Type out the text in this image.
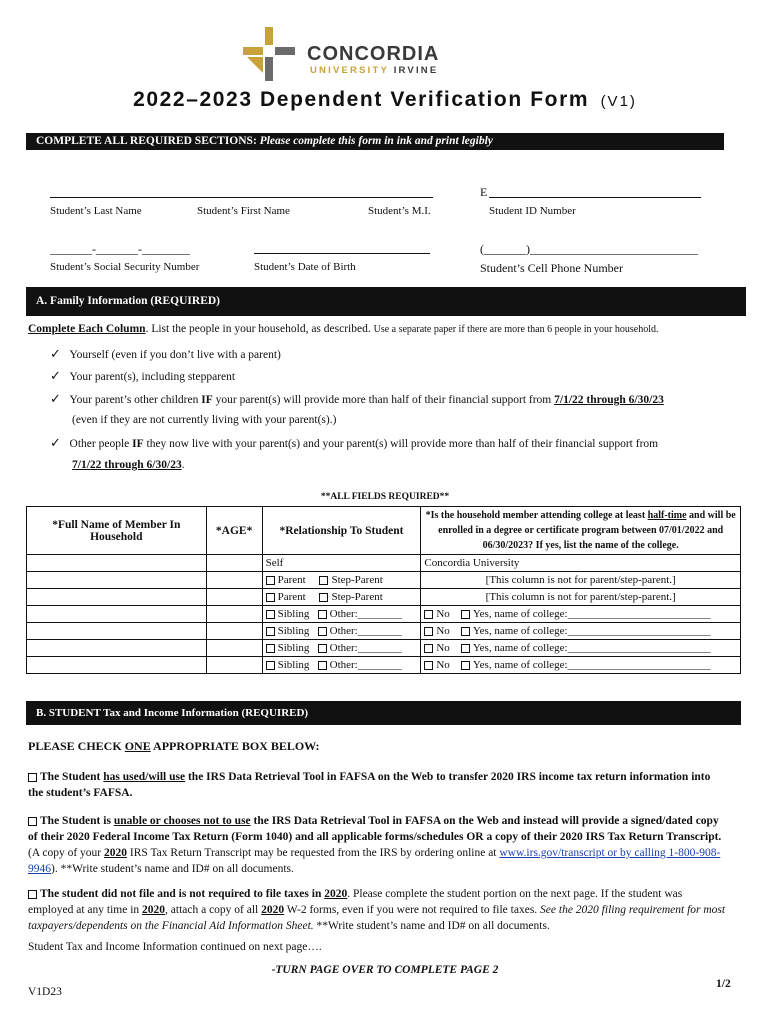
CONCORDIA
UNIVERSITY IRVINE
2022–2023 Dependent Verification Form (V1)
COMPLETE ALL REQUIRED SECTIONS: Please complete this form in ink and print legibly
Student’s Last Name	Student’s First Name	Student’s M.I.
E
Student ID Number
_______-_______-________
Student’s Social Security Number	Student’s Date of Birth
(_______)____________________________
Student’s Cell Phone Number
A. Family Information (REQUIRED)
Complete Each Column. List the people in your household, as described. Use a separate paper if there are more than 6 people in your household.
✓ Yourself (even if you don’t live with a parent)
✓ Your parent(s), including stepparent
✓ Your parent’s other children IF your parent(s) will provide more than half of their financial support from 7/1/22 through 6/30/23
(even if they are not currently living with your parent(s).)
✓ Other people IF they now live with your parent(s) and your parent(s) will provide more than half of their financial support from
7/1/22 through 6/30/23.
**ALL FIELDS REQUIRED**
*Full Name of Member In Household	*AGE*	*Relationship To Student	*Is the household member attending college at least half-time and will be enrolled in a degree or certificate program between 07/01/2022 and 06/30/2023? If yes, list the name of the college.
		Self	Concordia University
		Parent Step-Parent	[This column is not for parent/step-parent.]
		Parent Step-Parent	[This column is not for parent/step-parent.]
		Sibling Other:________	No Yes, name of college:__________________________
		Sibling Other:________	No Yes, name of college:__________________________
		Sibling Other:________	No Yes, name of college:__________________________
		Sibling Other:________	No Yes, name of college:__________________________
B. STUDENT Tax and Income Information (REQUIRED)
PLEASE CHECK ONE APPROPRIATE BOX BELOW:
The Student has used/will use the IRS Data Retrieval Tool in FAFSA on the Web to transfer 2020 IRS income tax return information into the student’s FAFSA.
The Student is unable or chooses not to use the IRS Data Retrieval Tool in FAFSA on the Web and instead will provide a signed/dated copy of their 2020 Federal Income Tax Return (Form 1040) and all applicable forms/schedules OR a copy of their 2020 IRS Tax Return Transcript. (A copy of your 2020 IRS Tax Return Transcript may be requested from the IRS by ordering online at www.irs.gov/transcript or by calling 1-800-908-9946). **Write student’s name and ID# on all documents.
The student did not file and is not required to file taxes in 2020. Please complete the student portion on the next page. If the student was employed at any time in 2020, attach a copy of all 2020 W-2 forms, even if you were not required to file taxes. See the 2020 filing requirement for most taxpayers/dependents on the Financial Aid Information Sheet. **Write student’s name and ID# on all documents.
Student Tax and Income Information continued on next page….
-TURN PAGE OVER TO COMPLETE PAGE 2
V1D23
1/2
